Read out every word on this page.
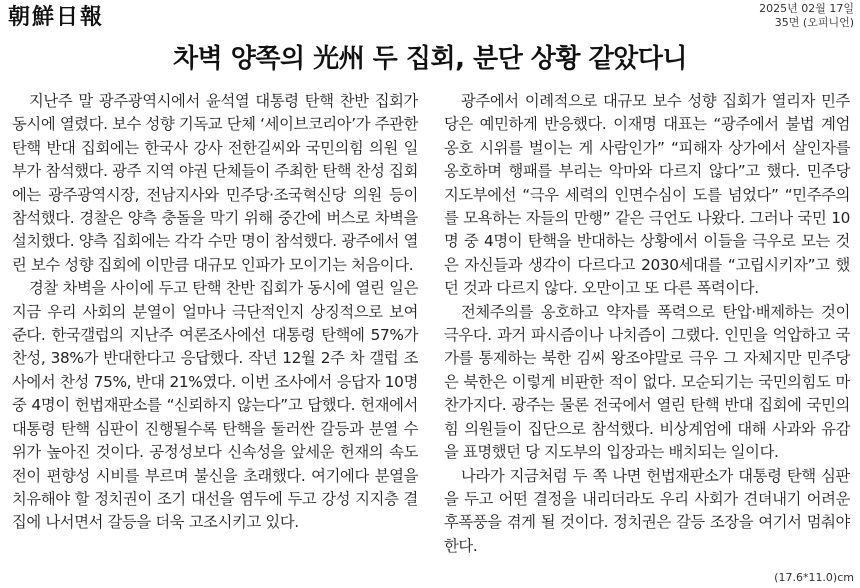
朝鮮日報	2025년 02월 17일
35면 (오피니언)
차벽 양쪽의 光州 두 집회, 분단 상황 같았다니

지난주 말 광주광역시에서 윤석열 대통령 탄핵 찬반 집회가 동시에 열렸다. 보수 성향 기독교 단체 ‘세이브코리아’가 주관한 탄핵 반대 집회에는 한국사 강사 전한길씨와 국민의힘 의원 일부가 참석했다. 광주 지역 야권 단체들이 주최한 탄핵 찬성 집회에는 광주광역시장, 전남지사와 민주당·조국혁신당 의원 등이 참석했다. 경찰은 양측 충돌을 막기 위해 중간에 버스로 차벽을 설치했다. 양측 집회에는 각각 수만 명이 참석했다. 광주에서 열린 보수 성향 집회에 이만큼 대규모 인파가 모이기는 처음이다.

경찰 차벽을 사이에 두고 탄핵 찬반 집회가 동시에 열린 일은 지금 우리 사회의 분열이 얼마나 극단적인지 상징적으로 보여준다. 한국갤럽의 지난주 여론조사에선 대통령 탄핵에 57%가 찬성, 38%가 반대한다고 응답했다. 작년 12월 2주 차 갤럽 조사에서 찬성 75%, 반대 21%였다. 이번 조사에서 응답자 10명 중 4명이 헌법재판소를 “신뢰하지 않는다”고 답했다. 헌재에서 대통령 탄핵 심판이 진행될수록 탄핵을 둘러싼 갈등과 분열 수위가 높아진 것이다. 공정성보다 신속성을 앞세운 헌재의 속도전이 편향성 시비를 부르며 불신을 초래했다. 여기에다 분열을 치유해야 할 정치권이 조기 대선을 염두에 두고 강성 지지층 결집에 나서면서 갈등을 더욱 고조시키고 있다.

광주에서 이례적으로 대규모 보수 성향 집회가 열리자 민주당은 예민하게 반응했다. 이재명 대표는 “광주에서 불법 계엄 옹호 시위를 벌이는 게 사람인가” “피해자 상가에서 살인자를 옹호하며 행패를 부리는 악마와 다르지 않다”고 했다. 민주당 지도부에선 “극우 세력의 인면수심이 도를 넘었다” “민주주의를 모욕하는 자들의 만행” 같은 극언도 나왔다. 그러나 국민 10명 중 4명이 탄핵을 반대하는 상황에서 이들을 극우로 모는 것은 자신들과 생각이 다르다고 2030세대를 “고립시키자”고 했던 것과 다르지 않다. 오만이고 또 다른 폭력이다.

전체주의를 옹호하고 약자를 폭력으로 탄압·배제하는 것이 극우다. 과거 파시즘이나 나치즘이 그랬다. 인민을 억압하고 국가를 통제하는 북한 김씨 왕조야말로 극우 그 자체지만 민주당은 북한은 이렇게 비판한 적이 없다. 모순되기는 국민의힘도 마찬가지다. 광주는 물론 전국에서 열린 탄핵 반대 집회에 국민의힘 의원들이 집단으로 참석했다. 비상계엄에 대해 사과와 유감을 표명했던 당 지도부의 입장과는 배치되는 일이다.

나라가 지금처럼 두 쪽 나면 헌법재판소가 대통령 탄핵 심판을 두고 어떤 결정을 내리더라도 우리 사회가 견뎌내기 어려운 후폭풍을 겪게 될 것이다. 정치권은 갈등 조장을 여기서 멈춰야 한다.

(17.6*11.0)cm
